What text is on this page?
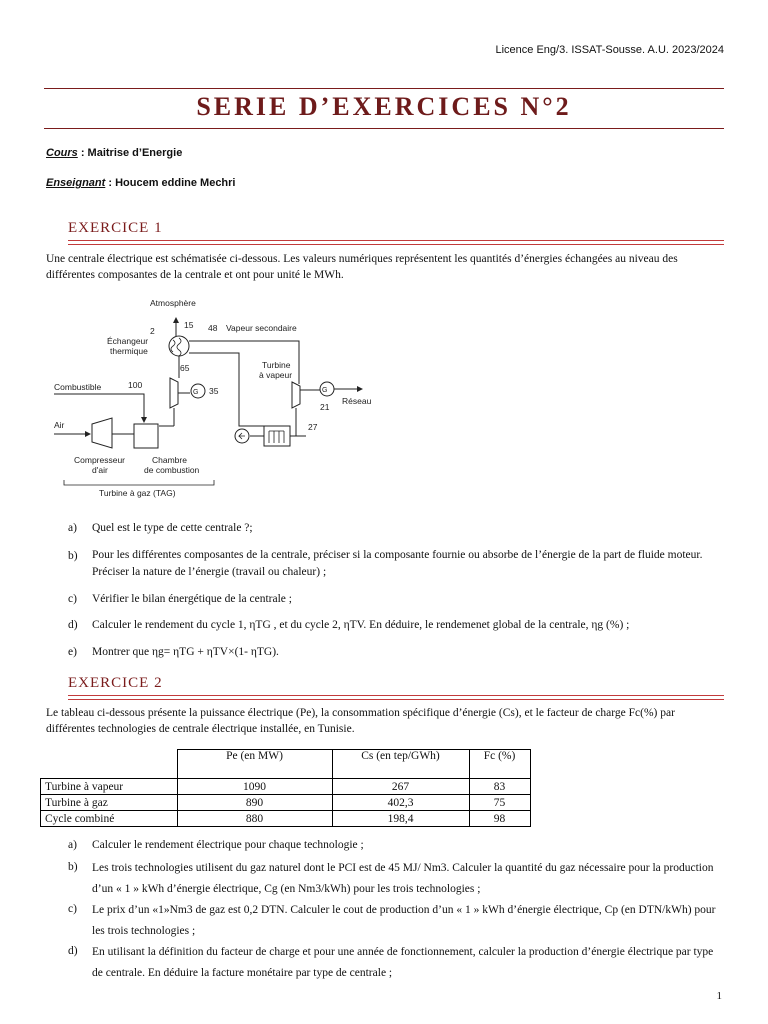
Licence Eng/3. ISSAT-Sousse. A.U. 2023/2024
SERIE D’EXERCICES N°2
Cours : Maitrise d’Energie
Enseignant : Houcem eddine Mechri
EXERCICE 1
Une centrale électrique est schématisée ci-dessous. Les valeurs numériques représentent les quantités d’énergies échangées au niveau des différentes composantes de la centrale et ont pour unité le MWh.
Atmosphère
15
2
Échangeur
thermique
48 Vapeur secondaire
65
G 35
Combustible	100
Air
Turbine
à vapeur
G
Réseau
21
27
Compresseur
d'air
Chambre
de combustion
Turbine à gaz (TAG)
a) Quel est le type de cette centrale ?;
b) Pour les différentes composantes de la centrale, préciser si la composante fournie ou absorbe de l’énergie de la part de fluide moteur. Préciser la nature de l’énergie (travail ou chaleur) ;
c) Vérifier le bilan énergétique de la centrale ;
d) Calculer le rendement du cycle 1, ηTG , et du cycle 2, ηTV. En déduire, le rendemenet global de la centrale, ηg (%) ;
e) Montrer que ηg= ηTG + ηTV×(1- ηTG).
EXERCICE 2
Le tableau ci-dessous présente la puissance électrique (Pe), la consommation spécifique d’énergie (Cs), et le facteur de charge Fc(%) par différentes technologies de centrale électrique installée, en Tunisie.
	Pe (en MW)	Cs (en tep/GWh)	Fc (%)
Turbine à vapeur	1090	267	83
Turbine à gaz	890	402,3	75
Cycle combiné	880	198,4	98
a) Calculer le rendement électrique pour chaque technologie ;
b) Les trois technologies utilisent du gaz naturel dont le PCI est de 45 MJ/ Nm3. Calculer la quantité du gaz nécessaire pour la production d’un « 1 » kWh d’énergie électrique, Cg (en Nm3/kWh) pour les trois technologies ;
c) Le prix d’un «1»Nm3 de gaz est 0,2 DTN. Calculer le cout de production d’un « 1 » kWh d’énergie électrique, Cp (en DTN/kWh) pour les trois technologies ;
d) En utilisant la définition du facteur de charge et pour une année de fonctionnement, calculer la production d’énergie électrique par type de centrale. En déduire la facture monétaire par type de centrale ;
1
